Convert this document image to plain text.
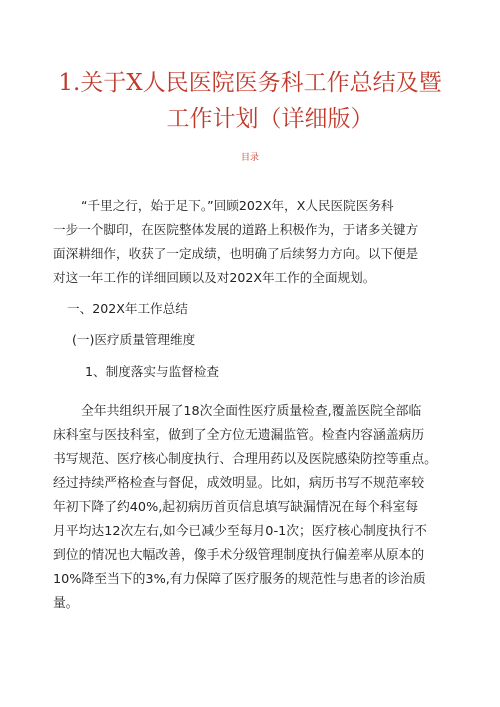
1.关于X人民医院医务科工作总结及暨
工作计划（详细版）
目录
“千里之行，始于足下。”回顾202X年，X人民医院医务科
一步一个脚印，在医院整体发展的道路上积极作为，于诸多关键方
面深耕细作，收获了一定成绩，也明确了后续努力方向。以下便是
对这一年工作的详细回顾以及对202X年工作的全面规划。
一、202X年工作总结
(一)医疗质量管理维度
1、制度落实与监督检查
全年共组织开展了18次全面性医疗质量检查,覆盖医院全部临
床科室与医技科室，做到了全方位无遗漏监管。检查内容涵盖病历
书写规范、医疗核心制度执行、合理用药以及医院感染防控等重点。
经过持续严格检查与督促，成效明显。比如，病历书写不规范率较
年初下降了约40%,起初病历首页信息填写缺漏情况在每个科室每
月平均达12次左右,如今已减少至每月0-1次；医疗核心制度执行不
到位的情况也大幅改善，像手术分级管理制度执行偏差率从原本的
10%降至当下的3%,有力保障了医疗服务的规范性与患者的诊治质
量。
